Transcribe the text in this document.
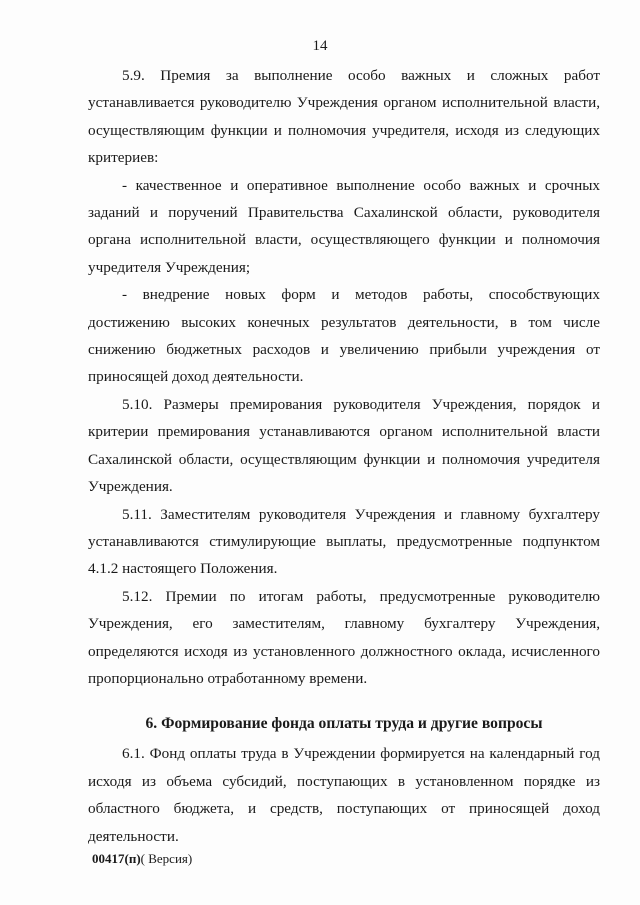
14

5.9. Премия за выполнение особо важных и сложных работ устанавливается руководителю Учреждения органом исполнительной власти, осуществляющим функции и полномочия учредителя, исходя из следующих критериев:

- качественное и оперативное выполнение особо важных и срочных заданий и поручений Правительства Сахалинской области, руководителя органа исполнительной власти, осуществляющего функции и полномочия учредителя Учреждения;

- внедрение новых форм и методов работы, способствующих достижению высоких конечных результатов деятельности, в том числе снижению бюджетных расходов и увеличению прибыли учреждения от приносящей доход деятельности.

5.10. Размеры премирования руководителя Учреждения, порядок и критерии премирования устанавливаются органом исполнительной власти Сахалинской области, осуществляющим функции и полномочия учредителя Учреждения.

5.11. Заместителям руководителя Учреждения и главному бухгалтеру устанавливаются стимулирующие выплаты, предусмотренные подпунктом 4.1.2 настоящего Положения.

5.12. Премии по итогам работы, предусмотренные руководителю Учреждения, его заместителям, главному бухгалтеру Учреждения, определяются исходя из установленного должностного оклада, исчисленного пропорционально отработанному времени.

6. Формирование фонда оплаты труда и другие вопросы

6.1. Фонд оплаты труда в Учреждении формируется на календарный год исходя из объема субсидий, поступающих в установленном порядке из областного бюджета, и средств, поступающих от приносящей доход деятельности.

00417(п)( Версия)
